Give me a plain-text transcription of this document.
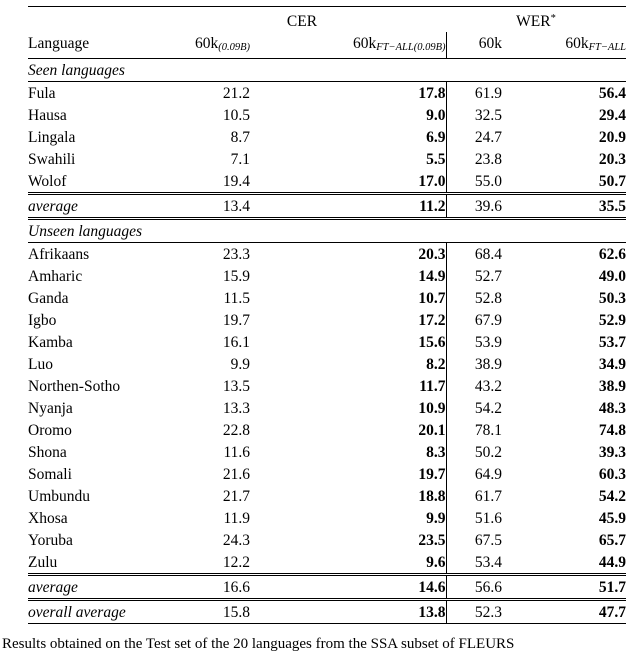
	CER		WER*
Language	60k(0.09B)	60kFT−ALL(0.09B)	60k	60kFT−ALL
Seen languages				
Fula	21.2	17.8	61.9	56.4
Hausa	10.5	9.0	32.5	29.4
Lingala	8.7	6.9	24.7	20.9
Swahili	7.1	5.5	23.8	20.3
Wolof	19.4	17.0	55.0	50.7
average	13.4	11.2	39.6	35.5
Unseen languages				
Afrikaans	23.3	20.3	68.4	62.6
Amharic	15.9	14.9	52.7	49.0
Ganda	11.5	10.7	52.8	50.3
Igbo	19.7	17.2	67.9	52.9
Kamba	16.1	15.6	53.9	53.7
Luo	9.9	8.2	38.9	34.9
Northen-Sotho	13.5	11.7	43.2	38.9
Nyanja	13.3	10.9	54.2	48.3
Oromo	22.8	20.1	78.1	74.8
Shona	11.6	8.3	50.2	39.3
Somali	21.6	19.7	64.9	60.3
Umbundu	21.7	18.8	61.7	54.2
Xhosa	11.9	9.9	51.6	45.9
Yoruba	24.3	23.5	67.5	65.7
Zulu	12.2	9.6	53.4	44.9
average	16.6	14.6	56.6	51.7
overall average	15.8	13.8	52.3	47.7
Results obtained on the Test set of the 20 languages from the SSA subset of FLEURS
